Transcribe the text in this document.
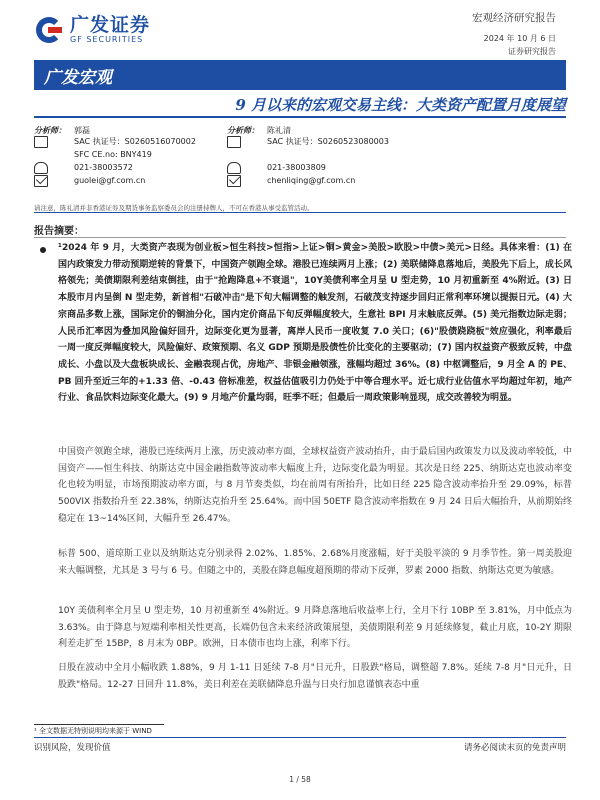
广发证券
GF SECURITIES
宏观经济研究报告
2024 年 10 月 6 日
证券研究报告
广发宏观
9 月以来的宏观交易主线：大类资产配置月度展望
分析师： 郭磊
SAC 执证号：S0260516070002
SFC CE.no: BNY419
021-38003572
guolei@gf.com.cn
分析师： 陈礼清
SAC 执证号：S0260523080003
021-38003809
chenliqing@gf.com.cn
请注意，陈礼清并非香港证券及期货事务监察委员会的注册持牌人，不可在香港从事受监管活动。
报告摘要：
¹2024 年 9 月，大类资产表现为创业板>恒生科技>恒指>上证>铜>黄金>美股>欧股>中债>美元>日经。具体来看：(1) 在国内政策发力带动预期逆转的背景下，中国资产领跑全球。港股已连续两月上涨；(2) 美联储降息落地后，美股先下后上，成长风格领先；美债期限利差结束倒挂，由于"抢跑降息+不衰退"，10Y美债利率全月呈 U 型走势，10 月初重新至 4%附近。(3) 日本股市月内呈倒 N 型走势，新首相"石破冲击"是下旬大幅调整的触发剂，石破茂支持逐步回归正常利率环境以提振日元。(4) 大宗商品多数上涨，国际定价的铜油分化，国内定价商品下旬反弹幅度较大，生意社 BPI 月末触底反弹。(5) 美元指数边际走弱；人民币汇率因为叠加风险偏好回升，边际变化更为显著，离岸人民币一度收复 7.0 关口；(6)"股债跷跷板"效应强化，利率最后一周一度反弹幅度较大，风险偏好、政策预期、名义 GDP 预期是股债性价比变化的主要驱动；(7) 国内权益资产极致反转，中盘成长、小盘以及大盘板块成长、金融表现占优，房地产、非银金融领涨，涨幅均超过 36%。(8) 中枢调整后，9 月全 A 的 PE、PB 回升至近三年的+1.33 倍、-0.43 倍标准差，权益估值吸引力仍处于中等合理水平。近七成行业估值水平均超过年初，地产行业、食品饮料边际变化最大。(9) 9 月地产价量均弱，旺季不旺；但最后一周政策影响显现，成交改善较为明显。
中国资产领跑全球，港股已连续两月上涨，历史波动率方面，全球权益资产波动抬升，由于最后国内政策发力以及波动率较低，中国资产——恒生科技、纳斯达克中国金融指数等波动率大幅度上升，边际变化最为明显。其次是日经 225、纳斯达克也波动率变化也较为明显，市场预期波动率方面，与 8 月节奏类似，均在前周有所抬升，比如日经 225 隐含波动率抬升至 29.09%，标普 500VIX 指数抬升至 22.38%，纳斯达克抬升至 25.64%。而中国 50ETF 隐含波动率指数在 9 月 24 日后大幅抬升，从前期始终稳定在 13~14%区间，大幅升至 26.47%。
标普 500、道琼斯工业以及纳斯达克分别录得 2.02%、1.85%、2.68%月度涨幅，好于美股平淡的 9 月季节性。第一周美股迎来大幅调整，尤其是 3 号与 6 号。但随之中的，美股在降息幅度超预期的带动下反弹，罗素 2000 指数、纳斯达克更为敏感。
10Y 美债利率全月呈 U 型走势，10 月初重新至 4%附近。9 月降息落地后收益率上行，全月下行 10BP 至 3.81%，月中低点为 3.63%。由于降息与短端利率相关性更高，长端仍包含未来经济政策展望，美债期限利差 9 月延续修复，截止月底，10-2Y 期限利差走扩至 15BP，8 月末为 0BP。欧洲，日本债市也均上涨，利率下行。
日股在波动中全月小幅收跌 1.88%，9 月 1-11 日延续 7-8 月"日元升，日股跌"格局，调整超 7.8%。延续 7-8 月"日元升，日股跌"格局。12-27 日回升 11.8%，美日利差在美联储降息升温与日央行加息谨慎表态中重
¹ 全文数据无特别说明均来源于 WIND
识别风险，发现价值	请务必阅读末页的免责声明
1 / 58
